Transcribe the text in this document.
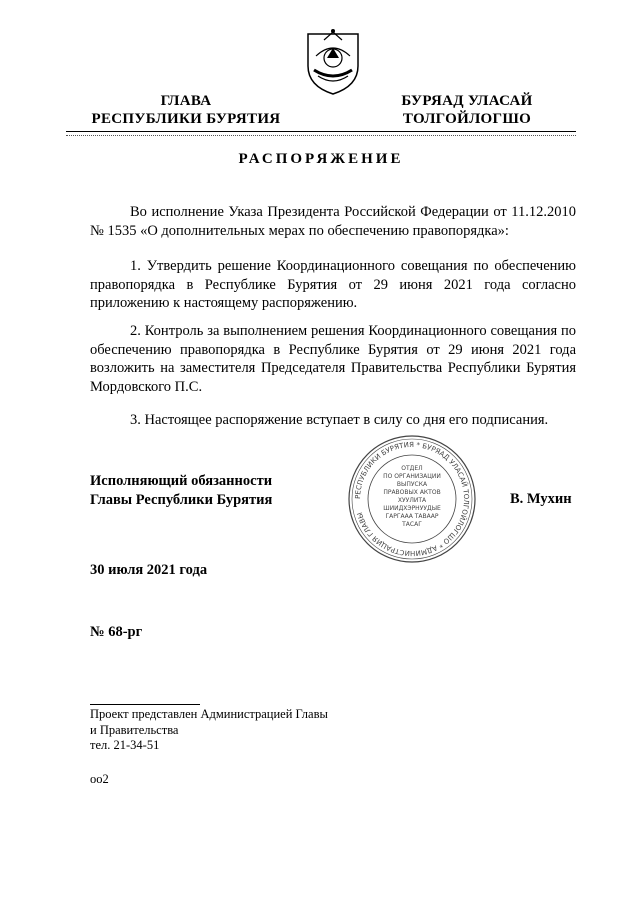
ГЛАВА
РЕСПУБЛИКИ БУРЯТИЯ
БУРЯАД УЛАСАЙ
ТОЛГОЙЛОГШО
РАСПОРЯЖЕНИЕ
Во исполнение Указа Президента Российской Федерации от 11.12.2010 № 1535 «О дополнительных мерах по обеспечению правопорядка»:
1. Утвердить решение Координационного совещания по обеспечению правопорядка в Республике Бурятия от 29 июня 2021 года согласно приложению к настоящему распоряжению.
2. Контроль за выполнением решения Координационного совещания по обеспечению правопорядка в Республике Бурятия от 29 июня 2021 года возложить на заместителя Председателя Правительства Республики Бурятия Мордовского П.С.
3. Настоящее распоряжение вступает в силу со дня его подписания.
Исполняющий обязанности
Главы Республики Бурятия	РЕСПУБЛИКИ БУРЯТИЯ * БУРЯАД УЛАСАЙ ТОЛГОЙЛОГШО * АДМИНИСТРАЦИЯ ГЛАВЫ
ОТДЕЛ
ПО ОРГАНИЗАЦИИ
ВЫПУСКА
ПРАВОВЫХ АКТОВ
ХУУЛИТА
ШИИДХЭРНУУДЫЕ
ГАРГААА ТАВААР
ТАСАГ
В. Мухин
30 июля 2021 года
№ 68-рг
Проект представлен Администрацией Главы
и Правительства
тел. 21-34-51
оо2
